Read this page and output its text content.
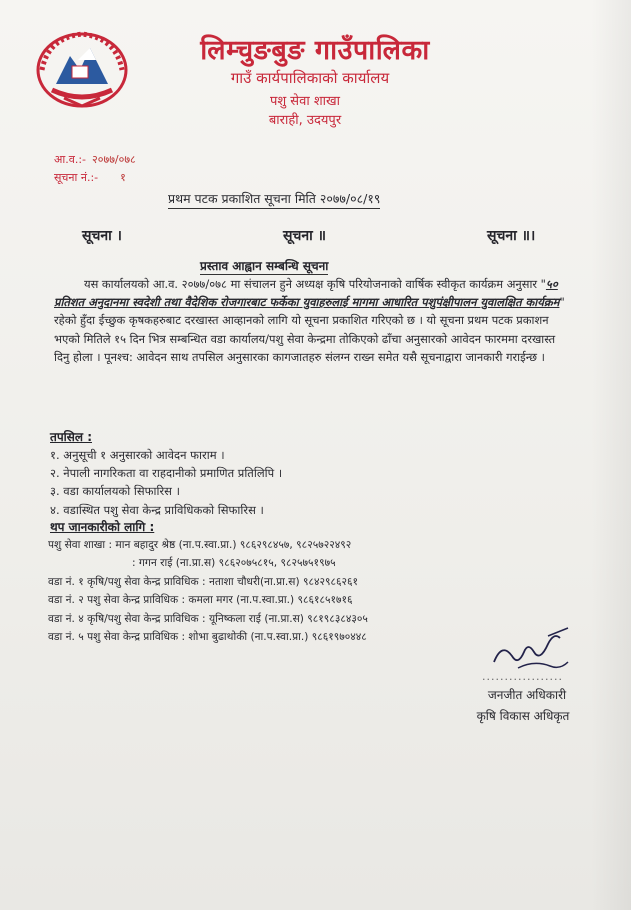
लिम्चुङबुङ गाउँपालिका
गाउँ कार्यपालिकाको कार्यालय
पशु सेवा शाखा
बाराही, उदयपुर
आ.व.:- २०७७/०७८
सूचना नं.:- १
प्रथम पटक प्रकाशित सूचना मिति २०७७/०८/१९
सूचना ।	सूचना ॥	सूचना ॥।
प्रस्ताव आह्वान सम्बन्धि सूचना
यस कार्यालयको आ.व. २०७७/०७८ मा संचालन हुने अध्यक्ष कृषि परियोजनाको वार्षिक स्वीकृत कार्यक्रम अनुसार "५० प्रतिशत अनुदानमा स्वदेशी तथा वैदेशिक रोजगारबाट फर्केका युवाहरुलाई मागमा आधारित पशुपंक्षीपालन युवालक्षित कार्यक्रम" रहेको हुँदा ईच्छुक कृषकहरुबाट दरखास्त आव्हानको लागि यो सूचना प्रकाशित गरिएको छ । यो सूचना प्रथम पटक प्रकाशन भएको मितिले १५ दिन भित्र सम्बन्धित वडा कार्यालय/पशु सेवा केन्द्रमा तोकिएको ढाँचा अनुसारको आवेदन फारममा दरखास्त दिनु होला । पूनश्च: आवेदन साथ तपसिल अनुसारका कागजातहरु संलग्न राख्न समेत यसै सूचनाद्वारा जानकारी गराईन्छ ।
तपसिल :
१. अनुसूची १ अनुसारको आवेदन फाराम ।
२. नेपाली नागरिकता वा राहदानीको प्रमाणित प्रतिलिपि ।
३. वडा कार्यालयको सिफारिस ।
४. वडास्थित पशु सेवा केन्द्र प्राविधिकको सिफारिस ।
थप जानकारीको लागि :
पशु सेवा शाखा : मान बहादुर श्रेष्ठ (ना.प.स्वा.प्रा.) ९८६२९८४५७, ९८२५७२२४९२
: गगन राई (ना.प्रा.स) ९८६२०७५८१५, ९८२५७५१९७५
वडा नं. १ कृषि/पशु सेवा केन्द्र प्राविधिक : नताशा चौधरी(ना.प्रा.स) ९८४२९८६२६१
वडा नं. २ पशु सेवा केन्द्र प्राविधिक : कमला मगर (ना.प.स्वा.प्रा.) ९८६१८५१७१६
वडा नं. ४ कृषि/पशु सेवा केन्द्र प्राविधिक : यूनिष्कला राई (ना.प्रा.स) ९८१९८३८४३०५
वडा नं. ५ पशु सेवा केन्द्र प्राविधिक : शोभा बुढाथोकी (ना.प.स्वा.प्रा.) ९८६१९७०४४८
..................
जनजीत अधिकारी
कृषि विकास अधिकृत
